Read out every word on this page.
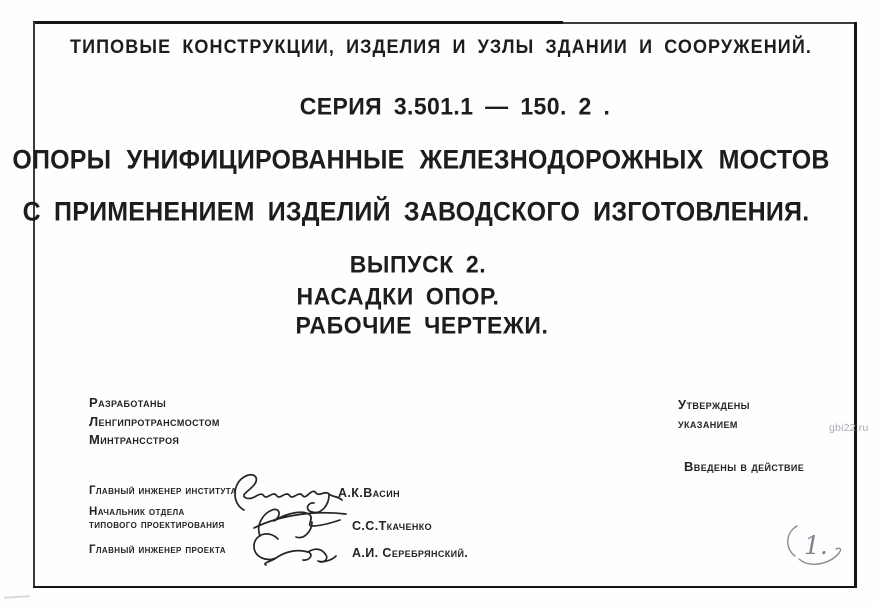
ТИПОВЫЕ КОНСТРУКЦИИ, ИЗДЕЛИЯ И УЗЛЫ ЗДАНИИ И СООРУЖЕНИЙ.
СЕРИЯ 3.501.1 — 150. 2 .
ОПОРЫ УНИФИЦИРОВАННЫЕ ЖЕЛЕЗНОДОРОЖНЫХ МОСТОВ
С ПРИМЕНЕНИЕМ ИЗДЕЛИЙ ЗАВОДСКОГО ИЗГОТОВЛЕНИЯ.
ВЫПУСК 2.
НАСАДКИ ОПОР.
РАБОЧИЕ ЧЕРТЕЖИ.
Разработаны
Ленгипротрансмостом
Минтрансстроя
Утверждены
указанием
Введены в действие
gbi22.ru
Главный инженер института	А.К.Васин
Начальник отдела
типового проектирования	С.С.Ткаченко
Главный инженер проекта	А.И. Серебрянский.	1.
